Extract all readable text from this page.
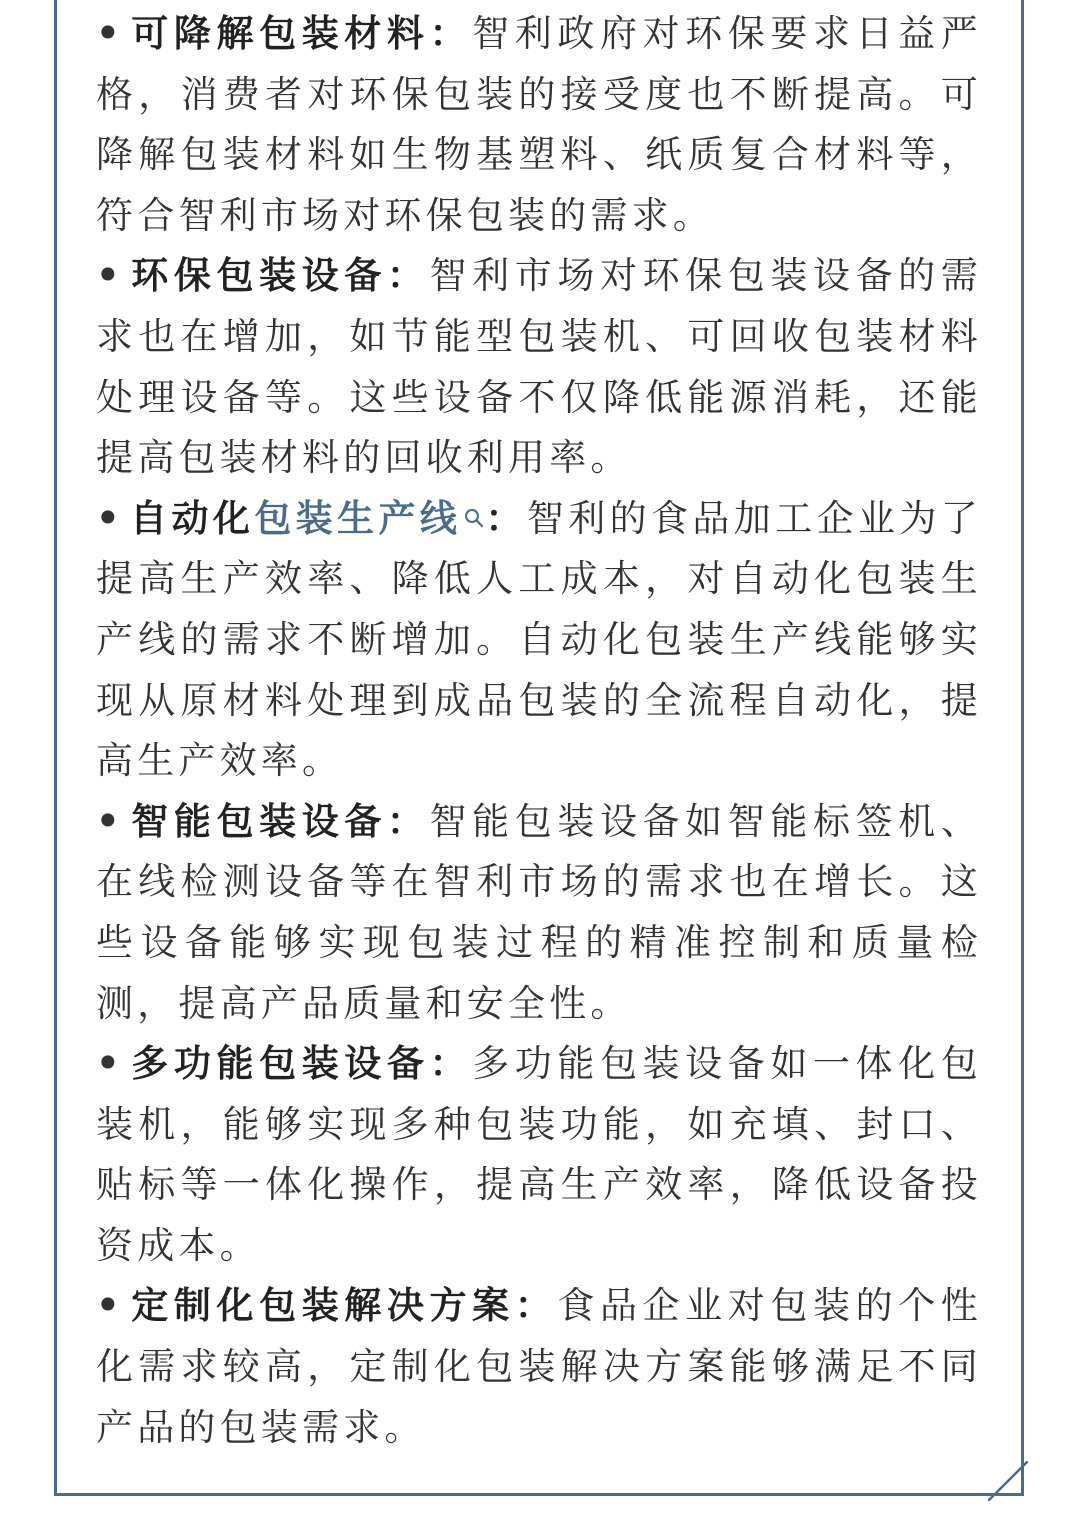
• 可降解包装材料：智利政府对环保要求日益严格，消费者对环保包装的接受度也不断提高。可降解包装材料如生物基塑料、纸质复合材料等，符合智利市场对环保包装的需求。

• 环保包装设备：智利市场对环保包装设备的需求也在增加，如节能型包装机、可回收包装材料处理设备等。这些设备不仅降低能源消耗，还能提高包装材料的回收利用率。

• 自动化包装生产线 ：智利的食品加工企业为了提高生产效率、降低人工成本，对自动化包装生产线的需求不断增加。自动化包装生产线能够实现从原材料处理到成品包装的全流程自动化，提高生产效率。

• 智能包装设备：智能包装设备如智能标签机、在线检测设备等在智利市场的需求也在增长。这些设备能够实现包装过程的精准控制和质量检测，提高产品质量和安全性。

• 多功能包装设备：多功能包装设备如一体化包装机，能够实现多种包装功能，如充填、封口、贴标等一体化操作，提高生产效率，降低设备投资成本。

• 定制化包装解决方案：食品企业对包装的个性化需求较高，定制化包装解决方案能够满足不同产品的包装需求。
